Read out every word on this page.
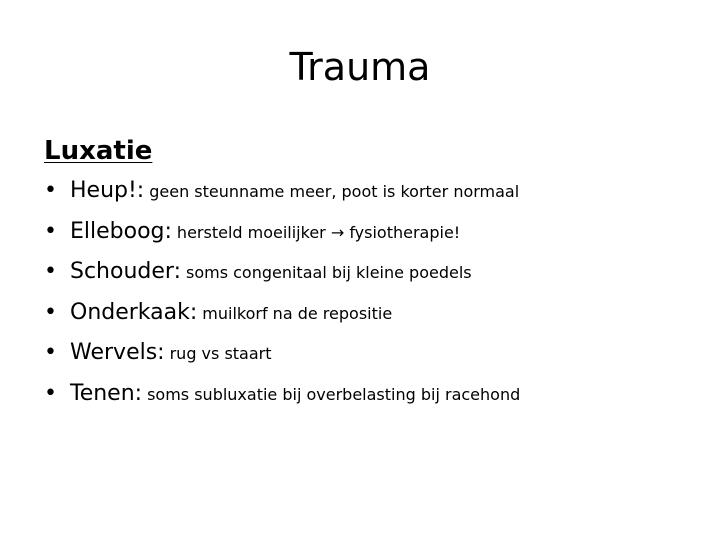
Trauma
Luxatie
• Heup!: geen steunname meer, poot is korter normaal
• Elleboog: hersteld moeilijker → fysiotherapie!
• Schouder: soms congenitaal bij kleine poedels
• Onderkaak: muilkorf na de repositie
• Wervels: rug vs staart
• Tenen: soms subluxatie bij overbelasting bij racehond
